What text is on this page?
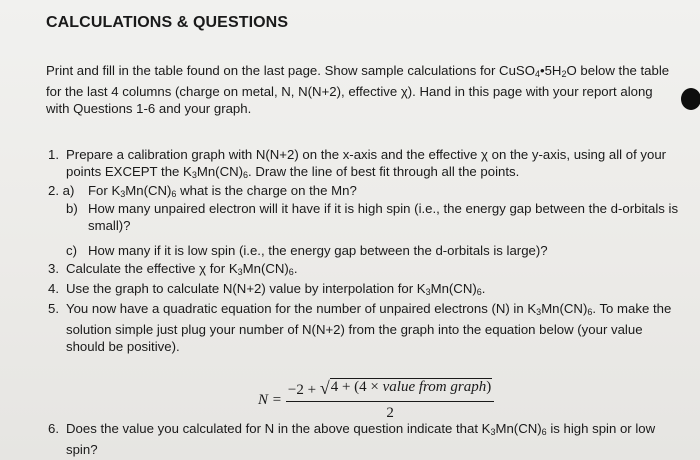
CALCULATIONS & QUESTIONS
Print and fill in the table found on the last page. Show sample calculations for $CuSO_4•5H_2O$ below the table for the last 4 columns (charge on metal, N, N(N+2), effective χ). Hand in this page with your report along with Questions 1-6 and your graph.
1. Prepare a calibration graph with N(N+2) on the x-axis and the effective χ on the y-axis, using all of your points EXCEPT the $K_3Mn(CN)_6$. Draw the line of best fit through all the points.
2. a)	For $K_3Mn(CN)_6$ what is the charge on the Mn?
b) How many unpaired electron will it have if it is high spin (i.e., the energy gap between the d-orbitals is small)?
c) How many if it is low spin (i.e., the energy gap between the d-orbitals is large)?
3. Calculate the effective χ for $K_3Mn(CN)_6$.
4. Use the graph to calculate N(N+2) value by interpolation for $K_3Mn(CN)_6$.
5. You now have a quadratic equation for the number of unpaired electrons (N) in $K_3Mn(CN)_6$. To make the solution simple just plug your number of N(N+2) from the graph into the equation below (your value should be positive).
$N = \frac{\text{−2 + √ 4 + (4 × value from graph)}}{2}$
6. Does the value you calculated for N in the above question indicate that $K_3Mn(CN)_6$ is high spin or low spin?
